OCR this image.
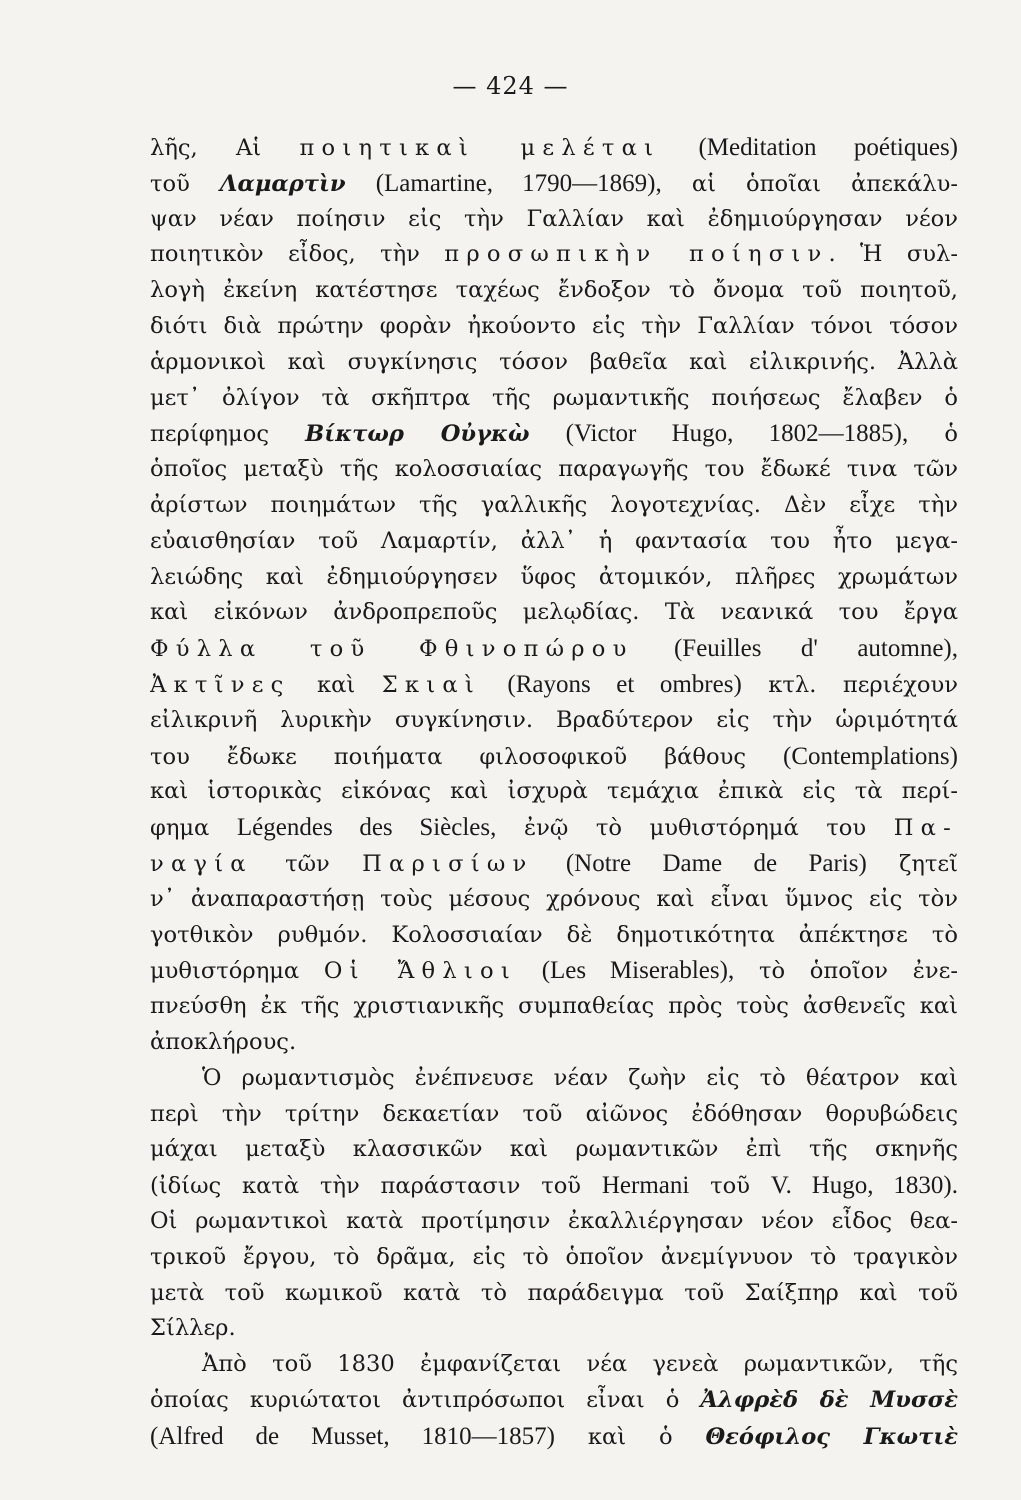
— 424 —
λῆς, Αἱ ποιητικαὶ μελέται (Meditation poétiques)
τοῦ Λαμαρτὶν (Lamartine, 1790—1869), αἱ ὁποῖαι ἀπεκάλυ-
ψαν νέαν ποίησιν εἰς τὴν Γαλλίαν καὶ ἐδημιούργησαν νέον
ποιητικὸν εἶδος, τὴν προσωπικὴν ποίησιν. Ἡ συλ-
λογὴ ἐκείνη κατέστησε ταχέως ἔνδοξον τὸ ὄνομα τοῦ ποιητοῦ,
διότι διὰ πρώτην φορὰν ἠκούοντο εἰς τὴν Γαλλίαν τόνοι τόσον
ἁρμονικοὶ καὶ συγκίνησις τόσον βαθεῖα καὶ εἰλικρινής. Ἀλλὰ
μετ᾽ ὀλίγον τὰ σκῆπτρα τῆς ρωμαντικῆς ποιήσεως ἔλαβεν ὁ
περίφημος Βίκτωρ Οὐγκὼ (Victor Hugo, 1802—1885), ὁ
ὁποῖος μεταξὺ τῆς κολοσσιαίας παραγωγῆς του ἔδωκέ τινα τῶν
ἀρίστων ποιημάτων τῆς γαλλικῆς λογοτεχνίας. Δὲν εἶχε τὴν
εὐαισθησίαν τοῦ Λαμαρτίν, ἀλλ᾽ ἡ φαντασία του ἦτο μεγα-
λειώδης καὶ ἐδημιούργησεν ὕφος ἀτομικόν, πλῆρες χρωμάτων
καὶ εἰκόνων ἀνδροπρεποῦς μελῳδίας. Τὰ νεανικά του ἔργα
Φύλλα τοῦ Φθινοπώρου (Feuilles d' automne),
Ἀκτῖνες καὶ Σκιαὶ (Rayons et ombres) κτλ. περιέχουν
εἰλικρινῆ λυρικὴν συγκίνησιν. Βραδύτερον εἰς τὴν ὡριμότητά
του ἔδωκε ποιήματα φιλοσοφικοῦ βάθους (Contemplations)
καὶ ἱστορικὰς εἰκόνας καὶ ἰσχυρὰ τεμάχια ἐπικὰ εἰς τὰ περί-
φημα Légendes des Siècles, ἐνῷ τὸ μυθιστόρημά του Πα-
ναγία τῶν Παρισίων (Notre Dame de Paris) ζητεῖ
ν᾽ ἀναπαραστήσῃ τοὺς μέσους χρόνους καὶ εἶναι ὕμνος εἰς τὸν
γοτθικὸν ρυθμόν. Κολοσσιαίαν δὲ δημοτικότητα ἀπέκτησε τὸ
μυθιστόρημα Οἱ Ἄθλιοι (Les Miserables), τὸ ὁποῖον ἐνε-
πνεύσθη ἐκ τῆς χριστιανικῆς συμπαθείας πρὸς τοὺς ἀσθενεῖς καὶ
ἀποκλήρους.
Ὁ ρωμαντισμὸς ἐνέπνευσε νέαν ζωὴν εἰς τὸ θέατρον καὶ
περὶ τὴν τρίτην δεκαετίαν τοῦ αἰῶνος ἐδόθησαν θορυβώδεις
μάχαι μεταξὺ κλασσικῶν καὶ ρωμαντικῶν ἐπὶ τῆς σκηνῆς
(ἰδίως κατὰ τὴν παράστασιν τοῦ Hermani τοῦ V. Hugo, 1830).
Οἱ ρωμαντικοὶ κατὰ προτίμησιν ἐκαλλιέργησαν νέον εἶδος θεα-
τρικοῦ ἔργου, τὸ δρᾶμα, εἰς τὸ ὁποῖον ἀνεμίγνυον τὸ τραγικὸν
μετὰ τοῦ κωμικοῦ κατὰ τὸ παράδειγμα τοῦ Σαίξπηρ καὶ τοῦ
Σίλλερ.
Ἀπὸ τοῦ 1830 ἐμφανίζεται νέα γενεὰ ρωμαντικῶν, τῆς
ὁποίας κυριώτατοι ἀντιπρόσωποι εἶναι ὁ Ἀλφρὲδ δὲ Μυσσὲ
(Alfred de Musset, 1810—1857) καὶ ὁ Θεόφιλος Γκωτιὲ
